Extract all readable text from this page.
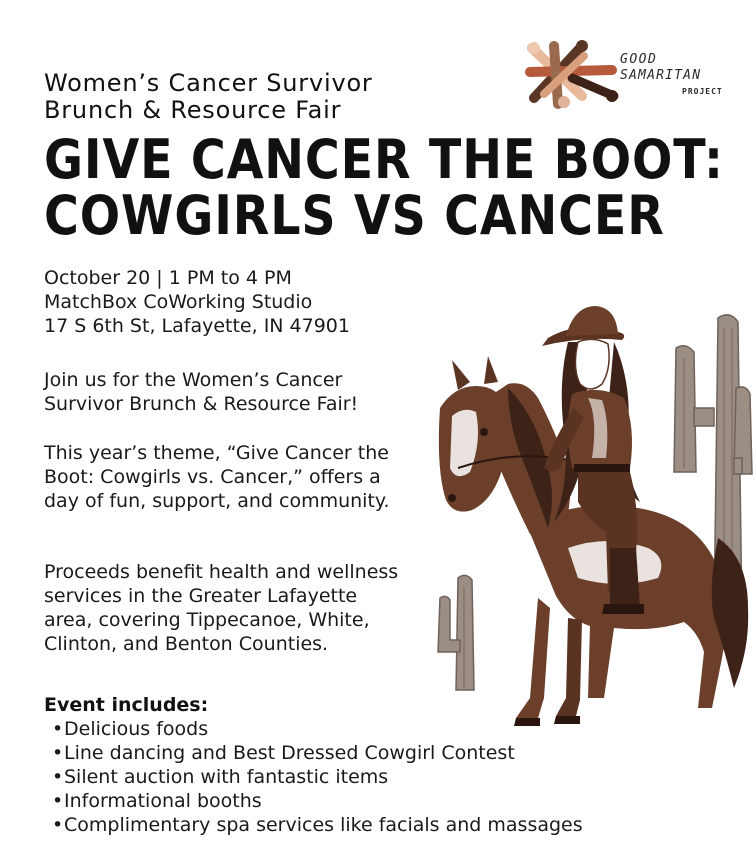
GOOD
SAMARITAN
PROJECT
Women’s Cancer Survivor
Brunch & Resource Fair
GIVE CANCER THE BOOT:
COWGIRLS VS CANCER
October 20 | 1 PM to 4 PM
MatchBox CoWorking Studio
17 S 6th St, Lafayette, IN 47901
Join us for the Women’s Cancer Survivor Brunch & Resource Fair!
This year’s theme, “Give Cancer the Boot: Cowgirls vs. Cancer,” offers a day of fun, support, and community.
Proceeds benefit health and wellness services in the Greater Lafayette area, covering Tippecanoe, White, Clinton, and Benton Counties.
Event includes:
• Delicious foods
• Line dancing and Best Dressed Cowgirl Contest
• Silent auction with fantastic items
• Informational booths
• Complimentary spa services like facials and massages
